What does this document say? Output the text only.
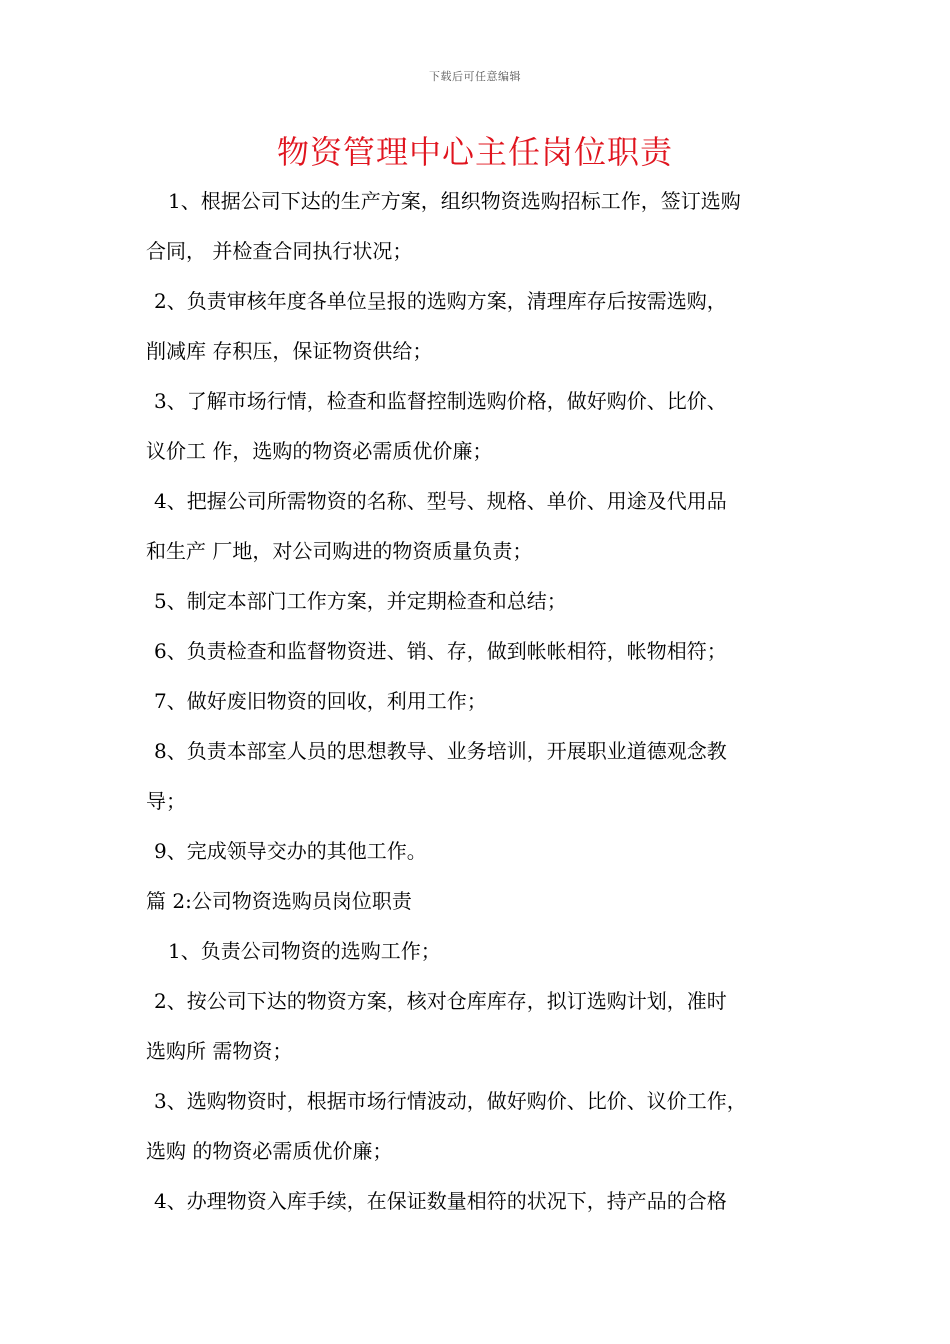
下载后可任意编辑
物资管理中心主任岗位职责
1、根据公司下达的生产方案，组织物资选购招标工作，签订选购
合同， 并检查合同执行状况；
2、负责审核年度各单位呈报的选购方案，清理库存后按需选购，
削减库 存积压，保证物资供给；
3、了解市场行情，检查和监督控制选购价格，做好购价、比价、
议价工 作，选购的物资必需质优价廉；
4、把握公司所需物资的名称、型号、规格、单价、用途及代用品
和生产 厂地，对公司购进的物资质量负责；
5、制定本部门工作方案，并定期检查和总结；
6、负责检查和监督物资进、销、存，做到帐帐相符，帐物相符；
7、做好废旧物资的回收，利用工作；
8、负责本部室人员的思想教导、业务培训，开展职业道德观念教
导；
9、完成领导交办的其他工作。
篇 2:公司物资选购员岗位职责
1、负责公司物资的选购工作；
2、按公司下达的物资方案，核对仓库库存，拟订选购计划，准时
选购所 需物资；
3、选购物资时，根据市场行情波动，做好购价、比价、议价工作，
选购 的物资必需质优价廉；
4、办理物资入库手续，在保证数量相符的状况下，持产品的合格
